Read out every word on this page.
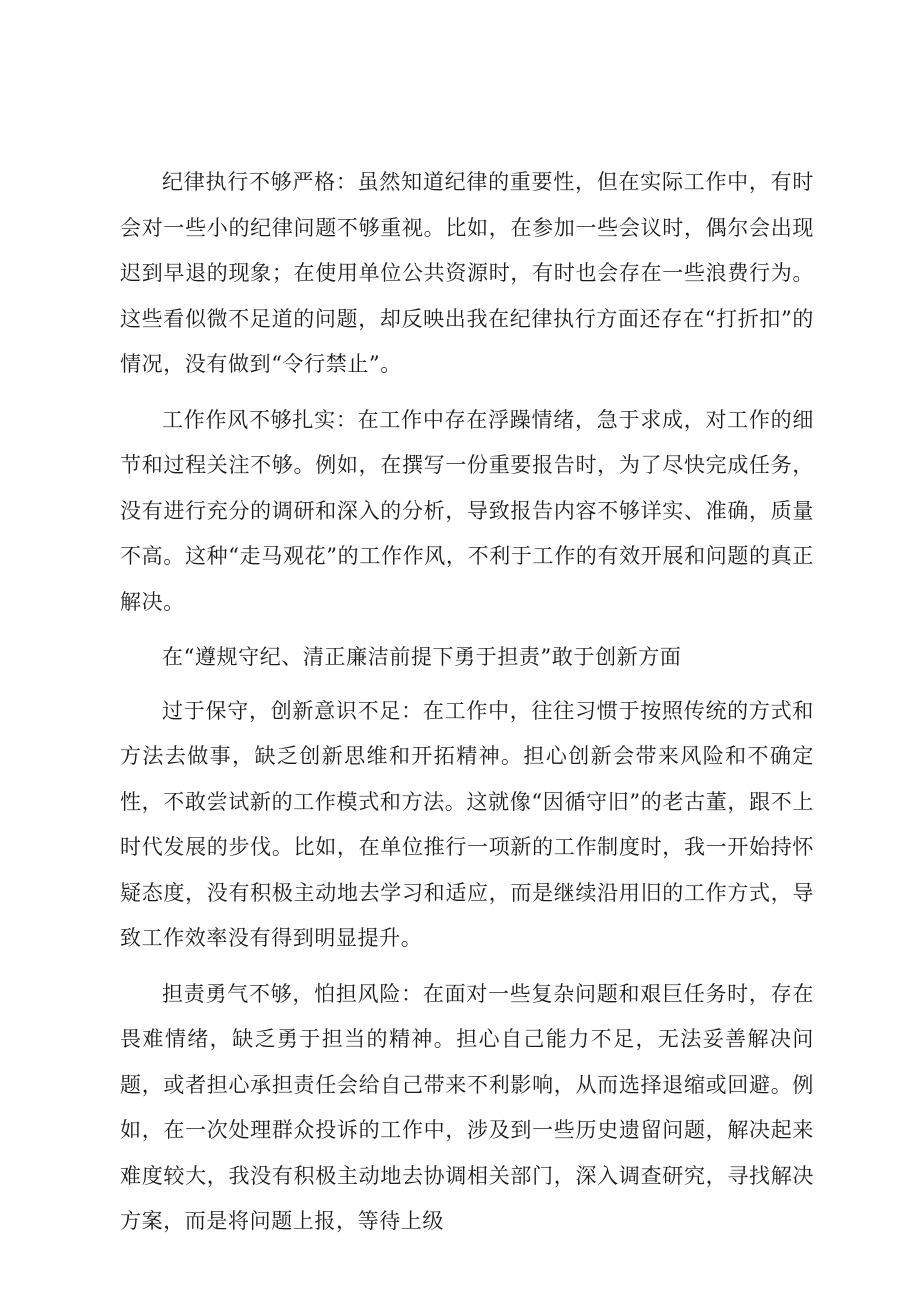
纪律执行不够严格：虽然知道纪律的重要性，但在实际工作中，有时会对一些小的纪律问题不够重视。比如，在参加一些会议时，偶尔会出现迟到早退的现象；在使用单位公共资源时，有时也会存在一些浪费行为。这些看似微不足道的问题，却反映出我在纪律执行方面还存在“打折扣”的情况，没有做到“令行禁止”。

工作作风不够扎实：在工作中存在浮躁情绪，急于求成，对工作的细节和过程关注不够。例如，在撰写一份重要报告时，为了尽快完成任务，没有进行充分的调研和深入的分析，导致报告内容不够详实、准确，质量不高。这种“走马观花”的工作作风，不利于工作的有效开展和问题的真正解决。

在“遵规守纪、清正廉洁前提下勇于担责”敢于创新方面

过于保守，创新意识不足：在工作中，往往习惯于按照传统的方式和方法去做事，缺乏创新思维和开拓精神。担心创新会带来风险和不确定性，不敢尝试新的工作模式和方法。这就像“因循守旧”的老古董，跟不上时代发展的步伐。比如，在单位推行一项新的工作制度时，我一开始持怀疑态度，没有积极主动地去学习和适应，而是继续沿用旧的工作方式，导致工作效率没有得到明显提升。

担责勇气不够，怕担风险：在面对一些复杂问题和艰巨任务时，存在畏难情绪，缺乏勇于担当的精神。担心自己能力不足，无法妥善解决问题，或者担心承担责任会给自己带来不利影响，从而选择退缩或回避。例如，在一次处理群众投诉的工作中，涉及到一些历史遗留问题，解决起来难度较大，我没有积极主动地去协调相关部门，深入调查研究，寻找解决方案，而是将问题上报，等待上级
